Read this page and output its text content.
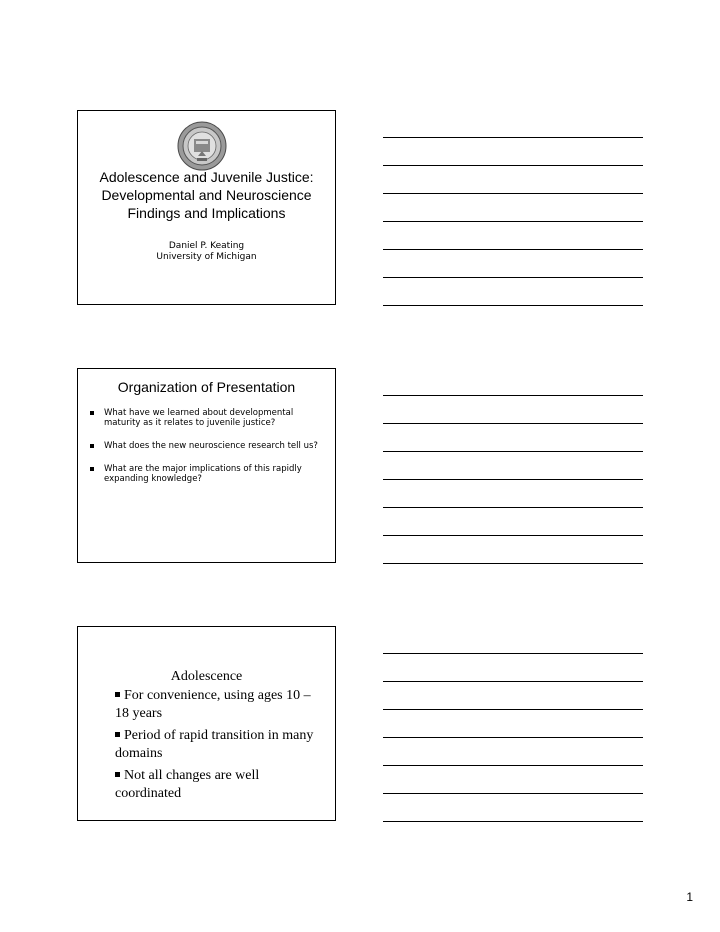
Adolescence and Juvenile Justice:
Developmental and Neuroscience
Findings and Implications
Daniel P. Keating
University of Michigan
Organization of Presentation
What have we learned about developmental maturity as it relates to juvenile justice?
What does the new neuroscience research tell us?
What are the major implications of this rapidly expanding knowledge?
Adolescence
For convenience, using ages 10 – 18 years
Period of rapid transition in many domains
Not all changes are well coordinated
1
